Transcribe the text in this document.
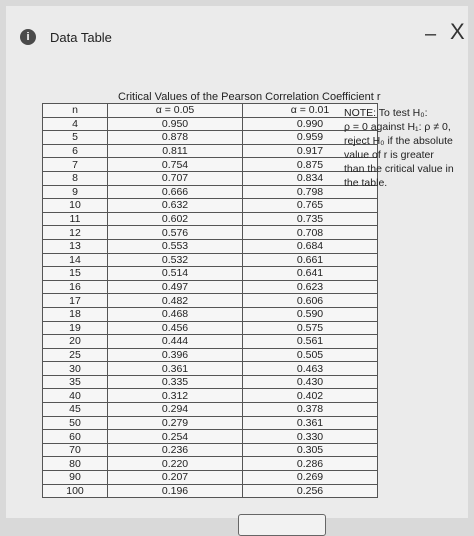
i	Data Table	– X
Critical Values of the Pearson Correlation Coefficient r
n	α = 0.05	α = 0.01
4	0.950	0.990
5	0.878	0.959
6	0.811	0.917
7	0.754	0.875
8	0.707	0.834
9	0.666	0.798
10	0.632	0.765
11	0.602	0.735
12	0.576	0.708
13	0.553	0.684
14	0.532	0.661
15	0.514	0.641
16	0.497	0.623
17	0.482	0.606
18	0.468	0.590
19	0.456	0.575
20	0.444	0.561
25	0.396	0.505
30	0.361	0.463
35	0.335	0.430
40	0.312	0.402
45	0.294	0.378
50	0.279	0.361
60	0.254	0.330
70	0.236	0.305
80	0.220	0.286
90	0.207	0.269
100	0.196	0.256

NOTE: To test H₀:

ρ = 0 against H₁: ρ ≠ 0,

reject H₀ if the absolute

value of r is greater

than the critical value in

the table.
